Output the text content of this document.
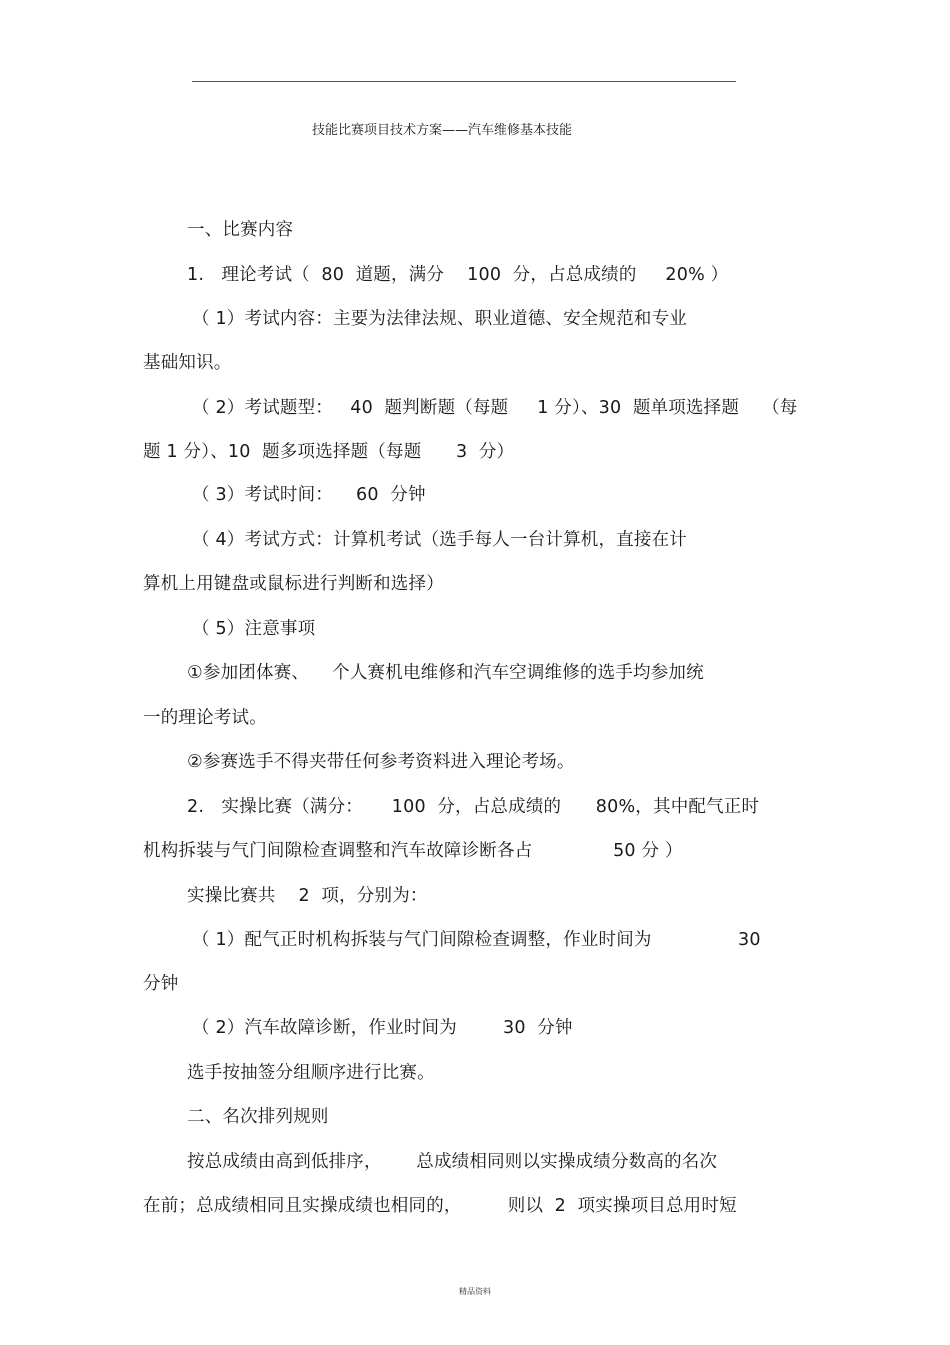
技能比赛项目技术方案——汽车维修基本技能
一、比赛内容
1.   理论考试（  80  道题，满分    100  分，占总成绩的     20% ）
（ 1）考试内容：主要为法律法规、职业道德、安全规范和专业
基础知识。
（ 2）考试题型：   40  题判断题（每题     1 分）、30  题单项选择题    （每
题 1 分）、10  题多项选择题（每题      3  分）
（ 3）考试时间：    60  分钟
（ 4）考试方式：计算机考试（选手每人一台计算机，直接在计
算机上用键盘或鼠标进行判断和选择）
（ 5）注意事项
①参加团体赛、    个人赛机电维修和汽车空调维修的选手均参加统
一的理论考试。
②参赛选手不得夹带任何参考资料进入理论考场。
2.   实操比赛（满分：     100  分，占总成绩的      80%，其中配气正时
机构拆装与气门间隙检查调整和汽车故障诊断各占              50 分 ）
实操比赛共    2  项，分别为：
（ 1）配气正时机构拆装与气门间隙检查调整，作业时间为               30
分钟
（ 2）汽车故障诊断，作业时间为        30  分钟
选手按抽签分组顺序进行比赛。
二、名次排列规则
按总成绩由高到低排序，      总成绩相同则以实操成绩分数高的名次
在前；总成绩相同且实操成绩也相同的，        则以  2  项实操项目总用时短
精品资料
